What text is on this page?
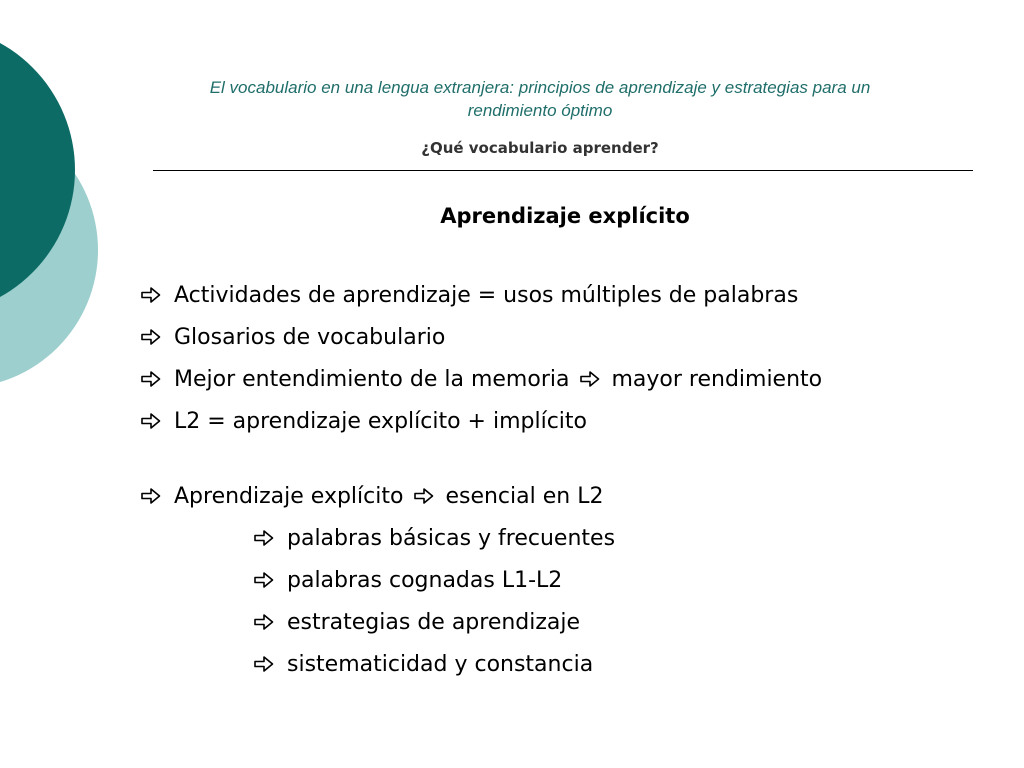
El vocabulario en una lengua extranjera: principios de aprendizaje y estrategias para un
rendimiento óptimo
¿Qué vocabulario aprender?
Aprendizaje explícito
Actividades de aprendizaje = usos múltiples de palabras
Glosarios de vocabulario
Mejor entendimiento de la memoria mayor rendimiento
L2 = aprendizaje explícito + implícito
Aprendizaje explícito esencial en L2
palabras básicas y frecuentes
palabras cognadas L1-L2
estrategias de aprendizaje
sistematicidad y constancia
